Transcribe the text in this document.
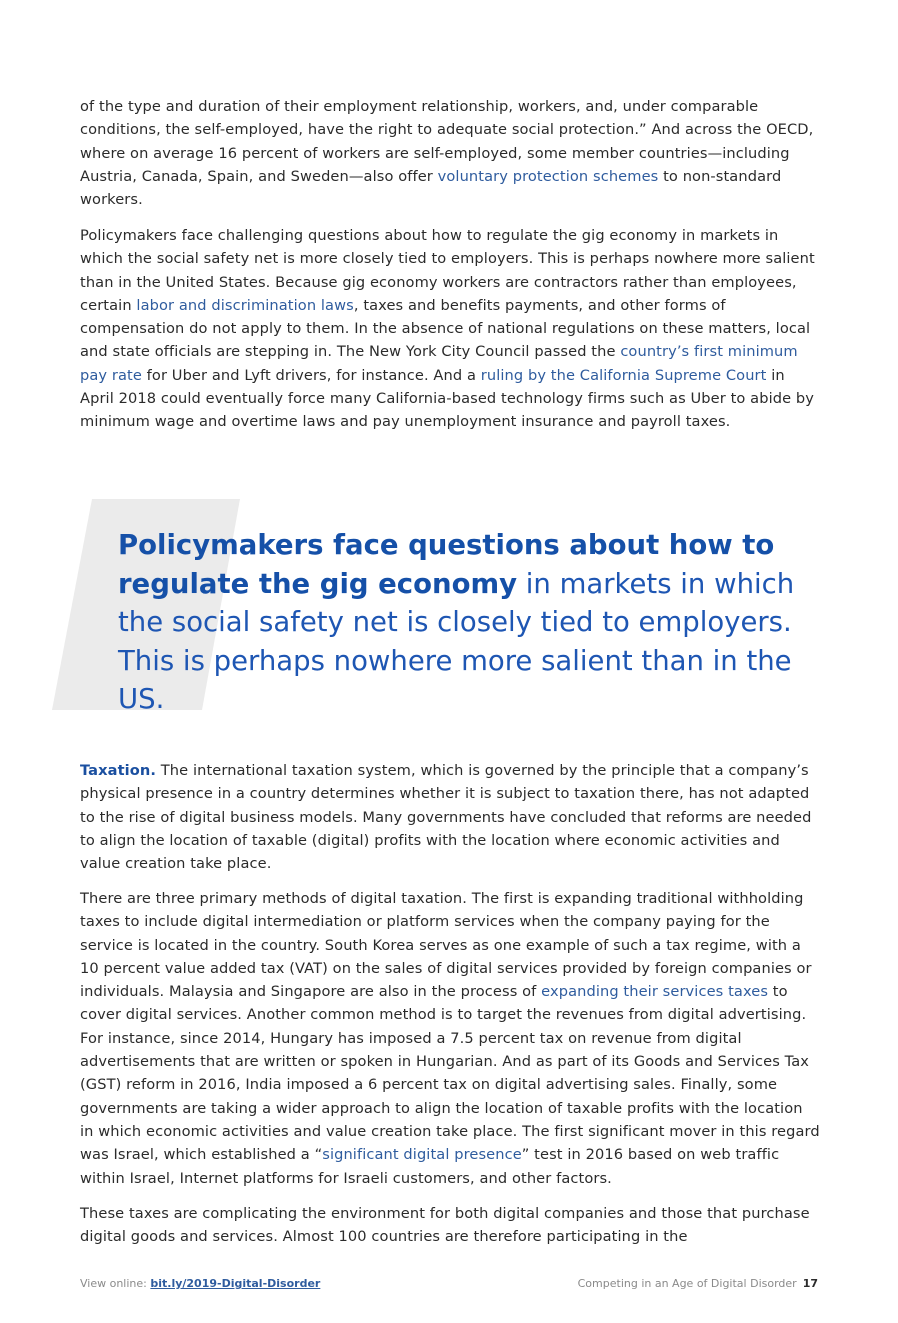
of the type and duration of their employment relationship, workers, and, under comparable conditions, the self-employed, have the right to adequate social protection.” And across the OECD, where on average 16 percent of workers are self-employed, some member countries—including Austria, Canada, Spain, and Sweden—also offer voluntary protection schemes to non-standard workers.

Policymakers face challenging questions about how to regulate the gig economy in markets in which the social safety net is more closely tied to employers. This is perhaps nowhere more salient than in the United States. Because gig economy workers are contractors rather than employees, certain labor and discrimination laws, taxes and benefits payments, and other forms of compensation do not apply to them. In the absence of national regulations on these matters, local and state officials are stepping in. The New York City Council passed the country’s first minimum pay rate for Uber and Lyft drivers, for instance. And a ruling by the California Supreme Court in April 2018 could eventually force many California-based technology firms such as Uber to abide by minimum wage and overtime laws and pay unemployment insurance and payroll taxes.

Policymakers face questions about how to regulate the gig economy in markets in which the social safety net is closely tied to employers. This is perhaps nowhere more salient than in the US.

Taxation. The international taxation system, which is governed by the principle that a company’s physical presence in a country determines whether it is subject to taxation there, has not adapted to the rise of digital business models. Many governments have concluded that reforms are needed to align the location of taxable (digital) profits with the location where economic activities and value creation take place.

There are three primary methods of digital taxation. The first is expanding traditional withholding taxes to include digital intermediation or platform services when the company paying for the service is located in the country. South Korea serves as one example of such a tax regime, with a 10 percent value added tax (VAT) on the sales of digital services provided by foreign companies or individuals. Malaysia and Singapore are also in the process of expanding their services taxes to cover digital services. Another common method is to target the revenues from digital advertising. For instance, since 2014, Hungary has imposed a 7.5 percent tax on revenue from digital advertisements that are written or spoken in Hungarian. And as part of its Goods and Services Tax (GST) reform in 2016, India imposed a 6 percent tax on digital advertising sales. Finally, some governments are taking a wider approach to align the location of taxable profits with the location in which economic activities and value creation take place. The first significant mover in this regard was Israel, which established a “significant digital presence” test in 2016 based on web traffic within Israel, Internet platforms for Israeli customers, and other factors.

These taxes are complicating the environment for both digital companies and those that purchase digital goods and services. Almost 100 countries are therefore participating in the

View online: bit.ly/2019-Digital-Disorder	Competing in an Age of Digital Disorder 17
